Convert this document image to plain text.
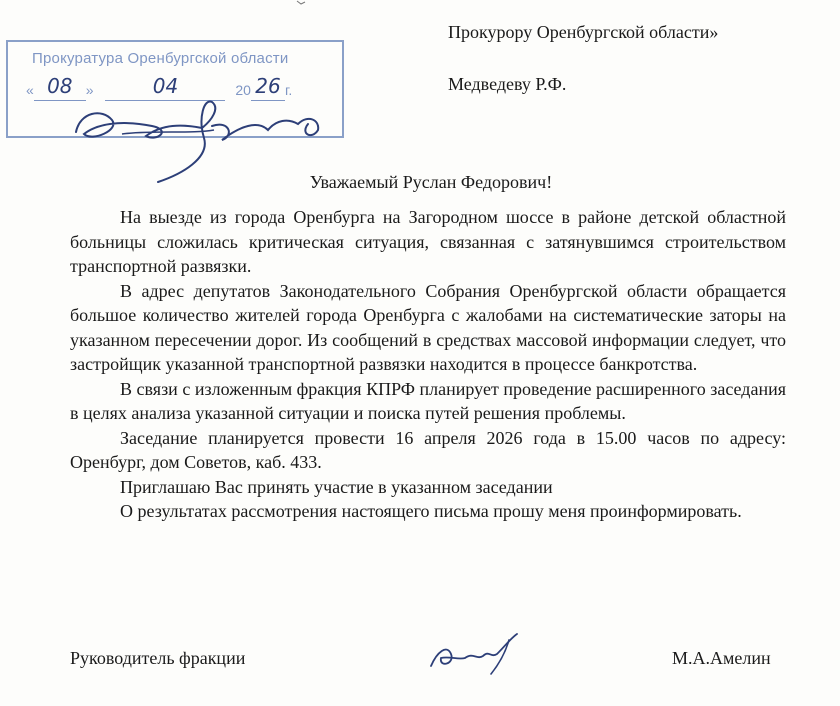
Прокуратура Оренбургской области
« 08 »	04	20 26 г.
Прокурору Оренбургской области»
Медведеву Р.Ф.
Уважаемый Руслан Федорович!

На выезде из города Оренбурга на Загородном шоссе в районе детской областной больницы сложилась критическая ситуация, связанная с затянувшимся строительством транспортной развязки.

В адрес депутатов Законодательного Собрания Оренбургской области обращается большое количество жителей города Оренбурга с жалобами на систематические заторы на указанном пересечении дорог. Из сообщений в средствах массовой информации следует, что застройщик указанной транспортной развязки находится в процессе банкротства.

В связи с изложенным фракция КПРФ планирует проведение расширенного заседания в целях анализа указанной ситуации и поиска путей решения проблемы.

Заседание планируется провести 16 апреля 2026 года в 15.00 часов по адресу: Оренбург, дом Советов, каб. 433.

Приглашаю Вас принять участие в указанном заседании

О результатах рассмотрения настоящего письма прошу меня проинформировать.

Руководитель фракции	М.А.Амелин
